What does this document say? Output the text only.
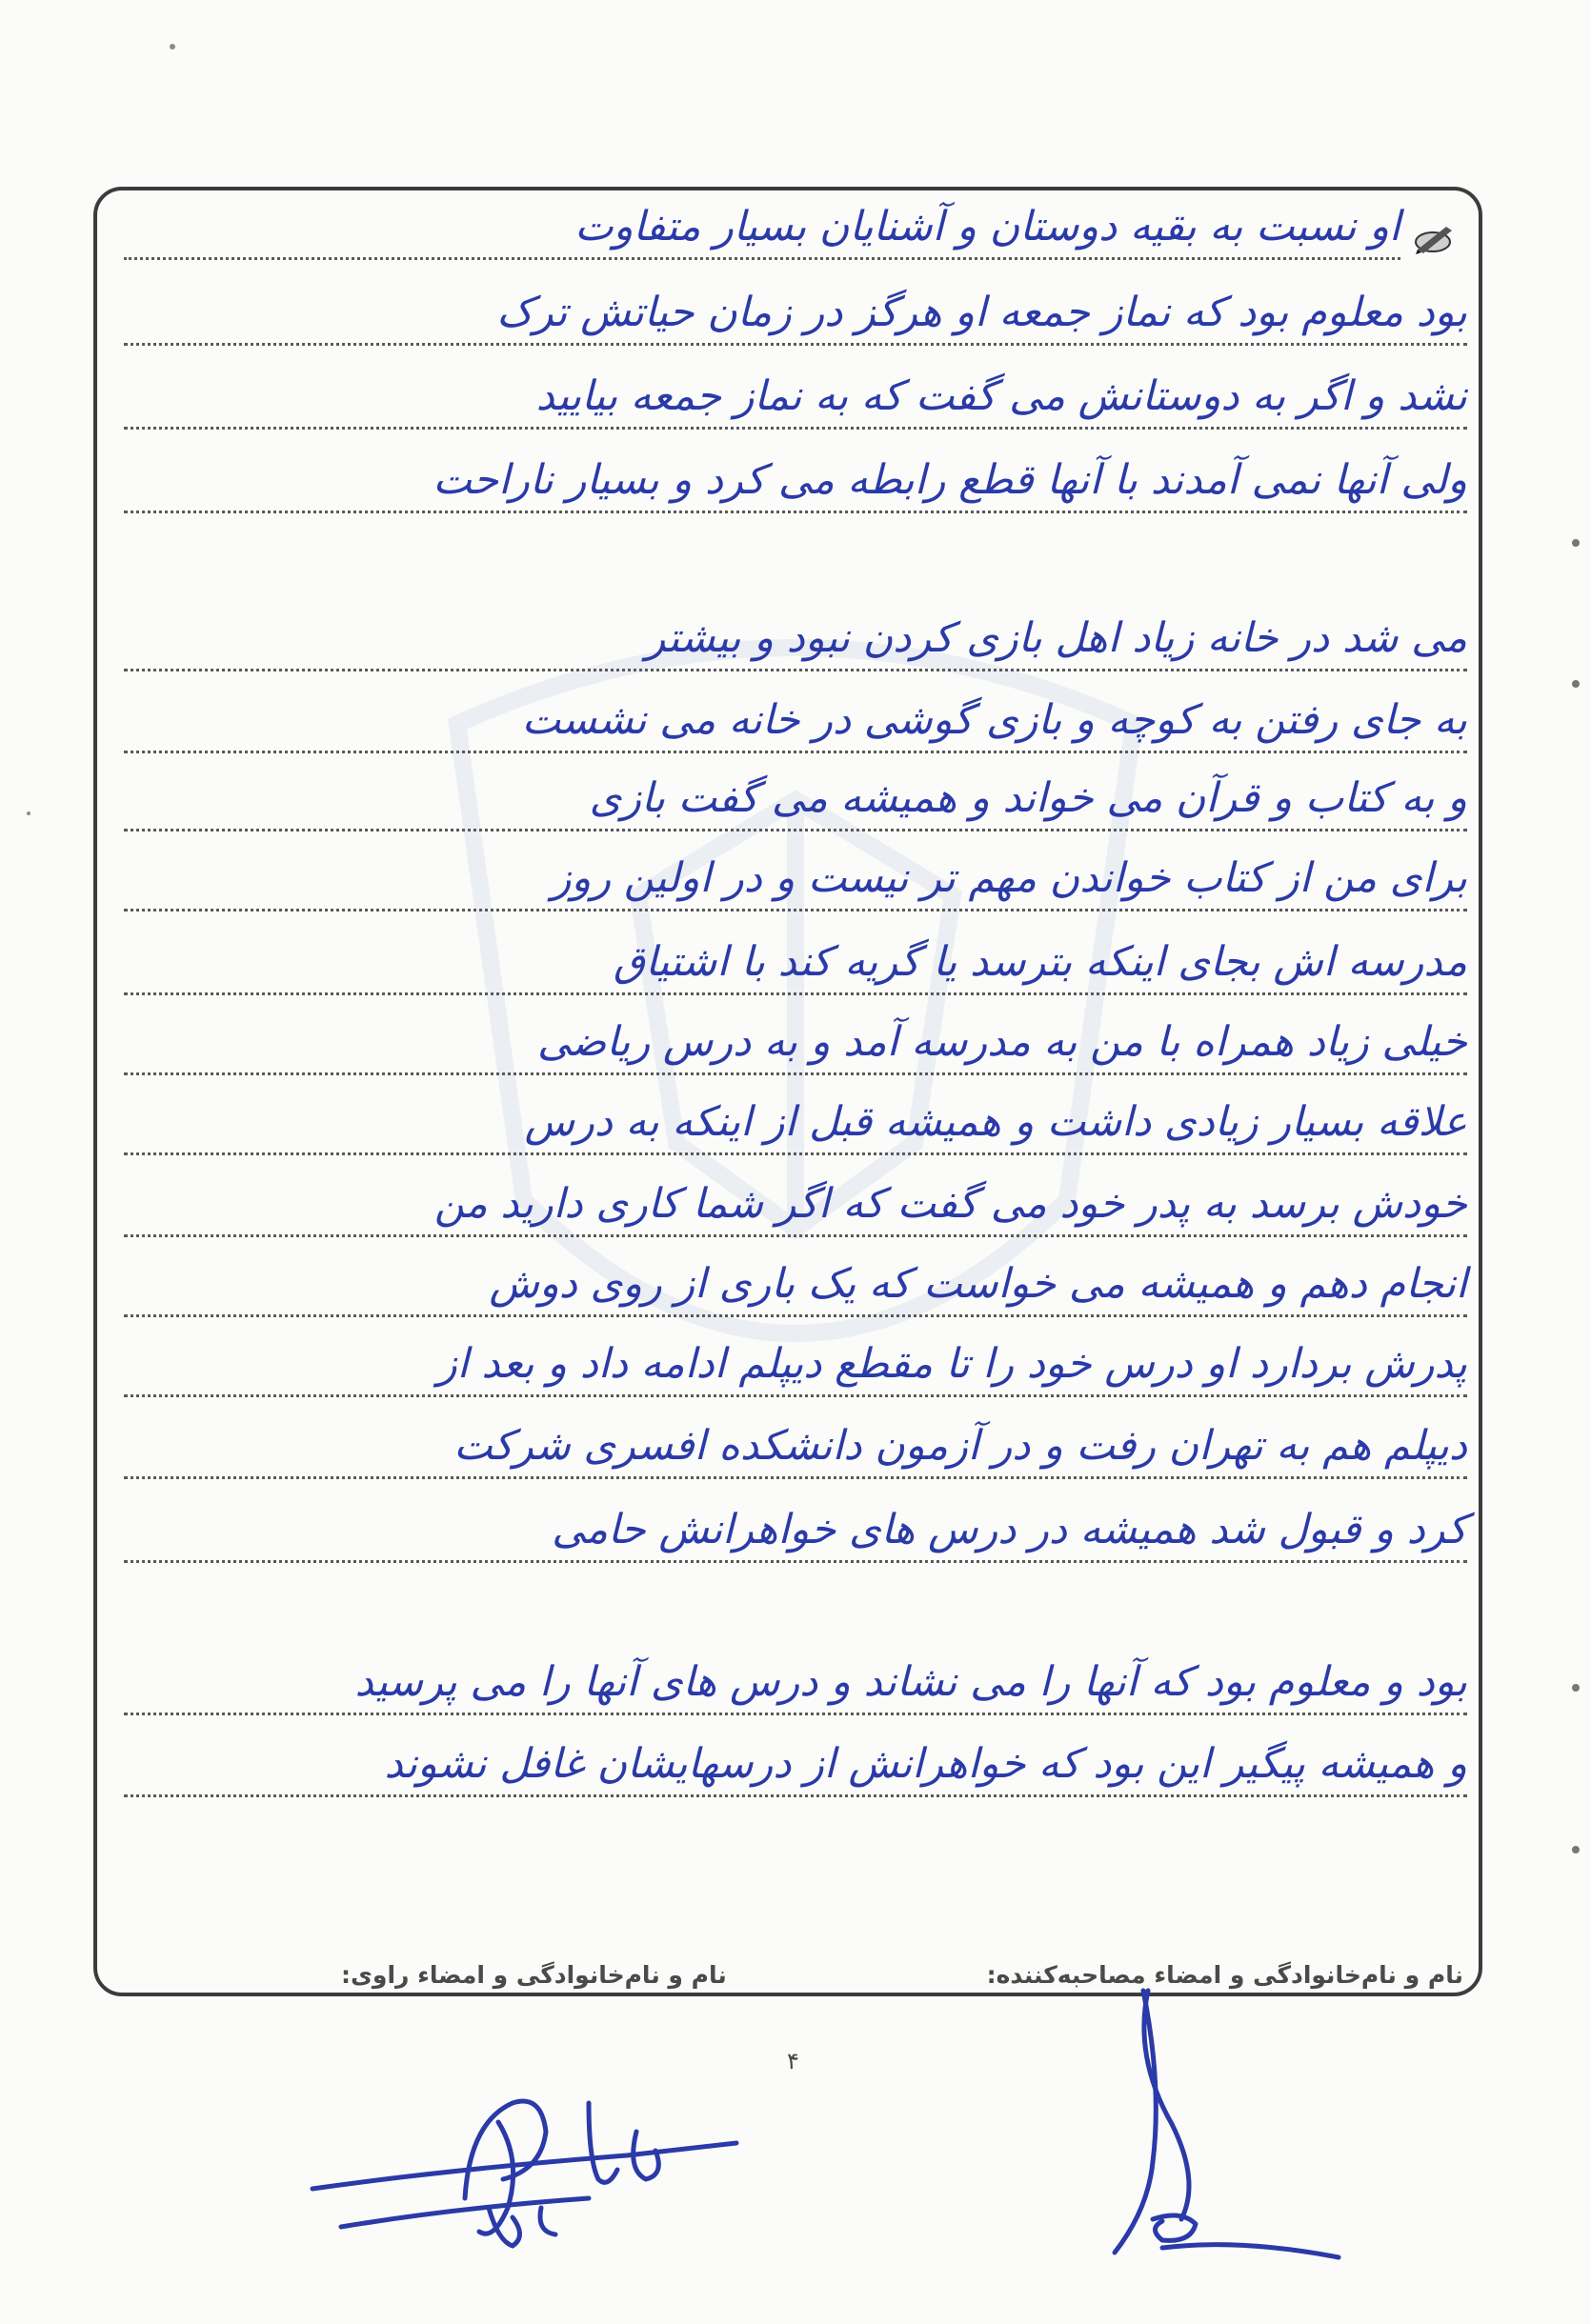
او نسبت به بقیه دوستان و آشنایان بسیار متفاوت
بود معلوم بود که نماز جمعه او هرگز در زمان حیاتش ترک
نشد و اگر به دوستانش می گفت که به نماز جمعه بیایید
ولی آنها نمی آمدند با آنها قطع رابطه می کرد و بسیار ناراحت
می شد در خانه زیاد اهل بازی کردن نبود و بیشتر
به جای رفتن به کوچه و بازی گوشی در خانه می نشست
و به کتاب و قرآن می خواند و همیشه می گفت بازی
برای من از کتاب خواندن مهم تر نیست و در اولین روز
مدرسه اش بجای اینکه بترسد یا گریه کند با اشتیاق
خیلی زیاد همراه با من به مدرسه آمد و به درس ریاضی
علاقه بسیار زیادی داشت و همیشه قبل از اینکه به درس
خودش برسد به پدر خود می گفت که اگر شما کاری دارید من
انجام دهم و همیشه می خواست که یک باری از روی دوش
پدرش بردارد او درس خود را تا مقطع دیپلم ادامه داد و بعد از
دیپلم هم به تهران رفت و در آزمون دانشکده افسری شرکت
کرد و قبول شد همیشه در درس های خواهرانش حامی
بود و معلوم بود که آنها را می نشاند و درس های آنها را می پرسید
و همیشه پیگیر این بود که خواهرانش از درسهایشان غافل نشوند
نام و نام‌خانوادگی و امضاء مصاحبه‌کننده:
نام و نام‌خانوادگی و امضاء راوی:
۴
